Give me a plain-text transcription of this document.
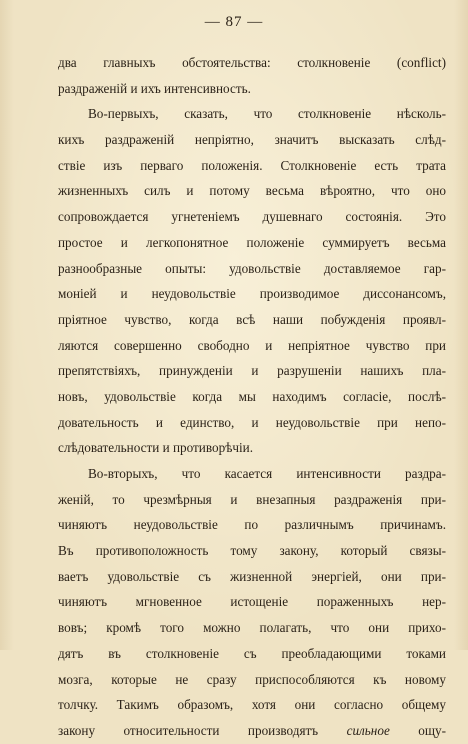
— 87 —
два главныхъ обстоятельства: столкновенiе (conflict)
раздраженiй и ихъ интенсивность.
Во-первыхъ, сказать, что столкновенiе нѣсколь-
кихъ раздраженiй непрiятно, значитъ высказать слѣд-
ствiе изъ перваго положенiя. Столкновенiе есть трата
жизненныхъ силъ и потому весьма вѣроятно, что оно
сопровождается угнетенiемъ душевнаго состоянiя. Это
простое и легкопонятное положенiе суммируетъ весьма
разнообразные опыты: удовольствiе доставляемое гар-
монiей и неудовольствiе производимое диссонансомъ,
прiятное чувство, когда всѣ наши побужденiя проявл-
ляются совершенно свободно и непрiятное чувство при
препятствiяхъ, принужденiи и разрушенiи нашихъ пла-
новъ, удовольствiе когда мы находимъ согласiе, послѣ-
довательность и единство, и неудовольствiе при непо-
слѣдовательности и противорѣчiи.
Во-вторыхъ, что касается интенсивности раздра-
женiй, то чрезмѣрныя и внезапныя раздраженiя при-
чиняютъ неудовольствiе по различнымъ причинамъ.
Въ противоположность тому закону, который связы-
ваетъ удовольствiе съ жизненной энергiей, они при-
чиняютъ мгновенное истощенiе пораженныхъ нер-
вовъ; кромѣ того можно полагать, что они прихо-
дятъ въ столкновенiе съ преобладающими токами
мозга, которые не сразу приспособляются къ новому
толчку. Такимъ образомъ, хотя они согласно общему
закону относительности производятъ сильное ощу-
